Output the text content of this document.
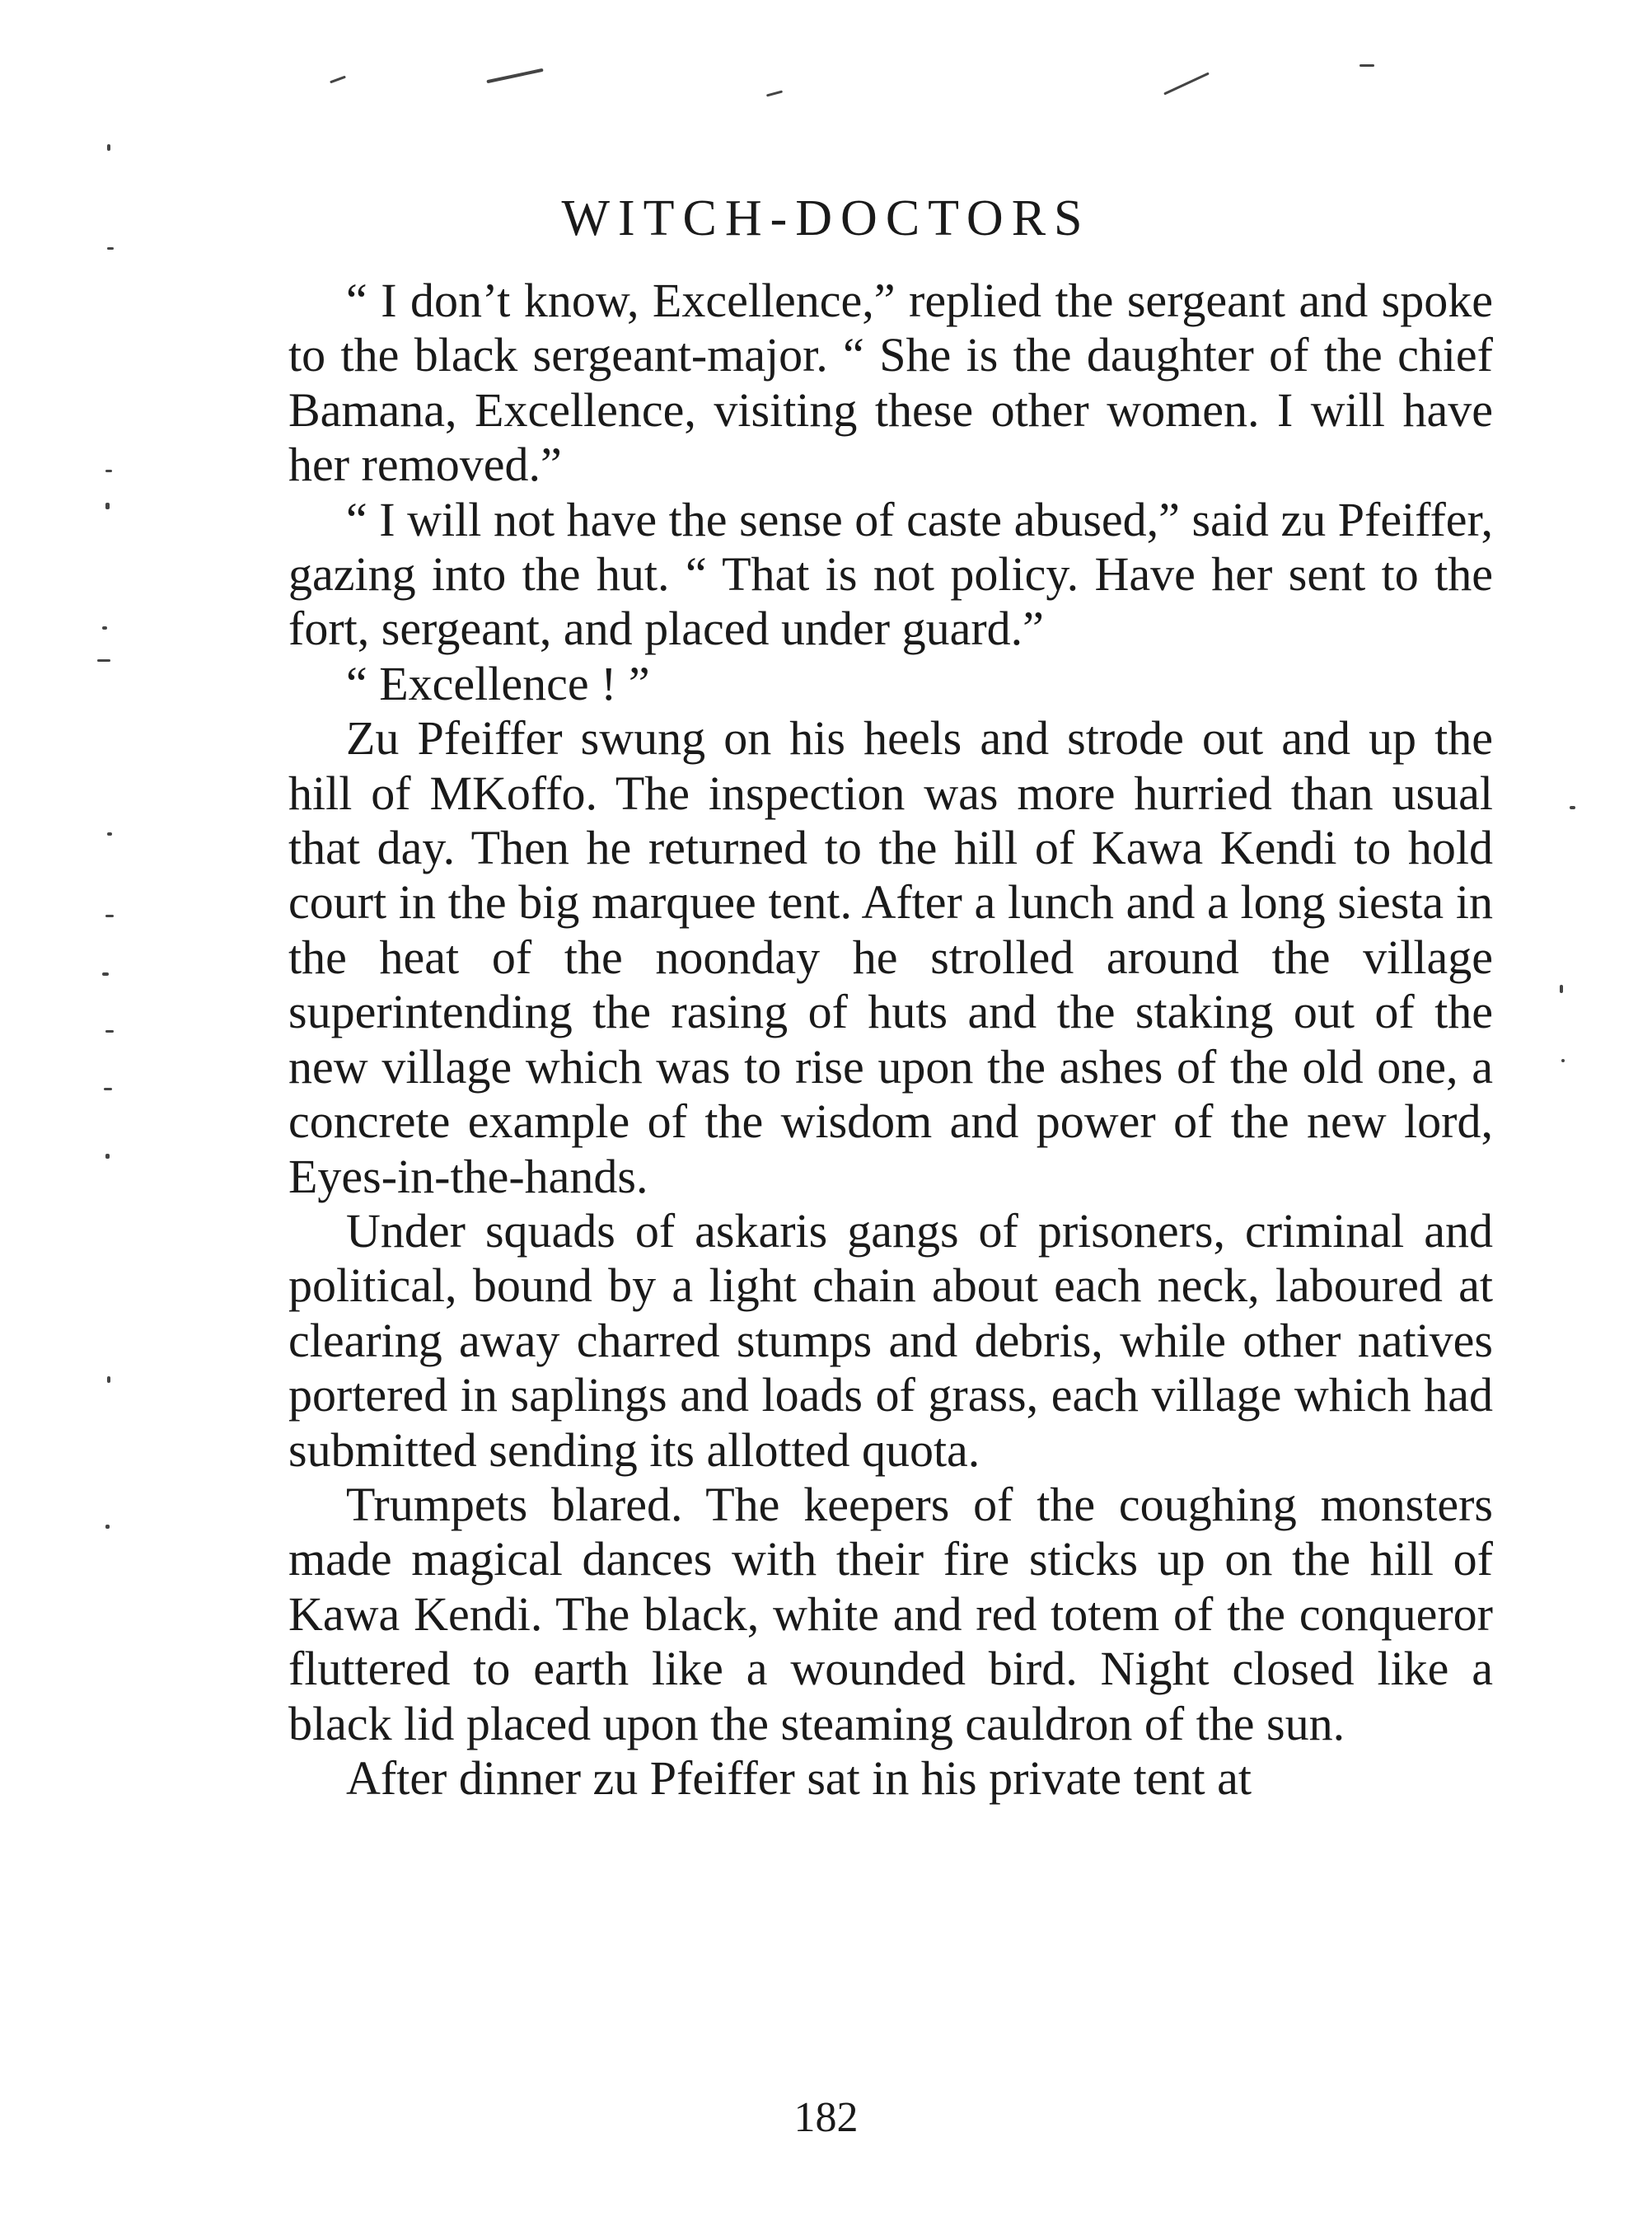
WITCH-DOCTORS

“ I don’t know, Excellence,” replied the sergeant and spoke to the black sergeant-major. “ She is the daughter of the chief Bamana, Excellence, visiting these other women. I will have her removed.”

“ I will not have the sense of caste abused,” said zu Pfeiffer, gazing into the hut. “ That is not policy. Have her sent to the fort, sergeant, and placed under guard.”

“ Excellence ! ”

Zu Pfeiffer swung on his heels and strode out and up the hill of MKoffo. The inspection was more hurried than usual that day. Then he returned to the hill of Kawa Kendi to hold court in the big marquee tent. After a lunch and a long siesta in the heat of the noonday he strolled around the village superintending the rasing of huts and the staking out of the new village which was to rise upon the ashes of the old one, a concrete example of the wisdom and power of the new lord, Eyes-in-the-hands.

Under squads of askaris gangs of prisoners, criminal and political, bound by a light chain about each neck, laboured at clearing away charred stumps and debris, while other natives portered in saplings and loads of grass, each village which had submitted sending its allotted quota.

Trumpets blared. The keepers of the coughing monsters made magical dances with their fire sticks up on the hill of Kawa Kendi. The black, white and red totem of the conqueror fluttered to earth like a wounded bird. Night closed like a black lid placed upon the steaming cauldron of the sun.

After dinner zu Pfeiffer sat in his private tent at

182
